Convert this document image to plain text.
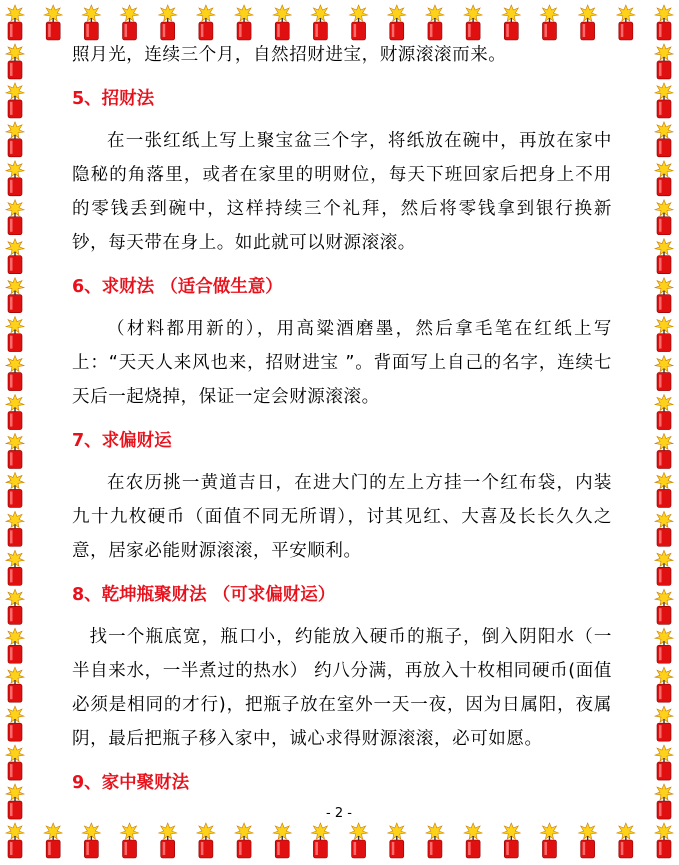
照月光，连续三个月，自然招财进宝，财源滚滚而来。

5、招财法

在一张红纸上写上聚宝盆三个字，将纸放在碗中，再放在家中隐秘的角落里，或者在家里的明财位，每天下班回家后把身上不用的零钱丢到碗中，这样持续三个礼拜，然后将零钱拿到银行换新钞，每天带在身上。如此就可以财源滚滚。

6、求财法 （适合做生意）

（材料都用新的），用高粱酒磨墨，然后拿毛笔在红纸上写上：“天天人来风也来，招财进宝 ”。背面写上自己的名字，连续七天后一起烧掉，保证一定会财源滚滚。

7、求偏财运

在农历挑一黄道吉日，在进大门的左上方挂一个红布袋，内装九十九枚硬币（面值不同无所谓），讨其见红、大喜及长长久久之意，居家必能财源滚滚，平安顺利。

8、乾坤瓶聚财法 （可求偏财运）

找一个瓶底宽，瓶口小，约能放入硬币的瓶子，倒入阴阳水（一半自来水，一半煮过的热水） 约八分满，再放入十枚相同硬币(面值必须是相同的才行)，把瓶子放在室外一天一夜，因为日属阳，夜属阴，最后把瓶子移入家中，诚心求得财源滚滚，必可如愿。

9、家中聚财法
- 2 -
